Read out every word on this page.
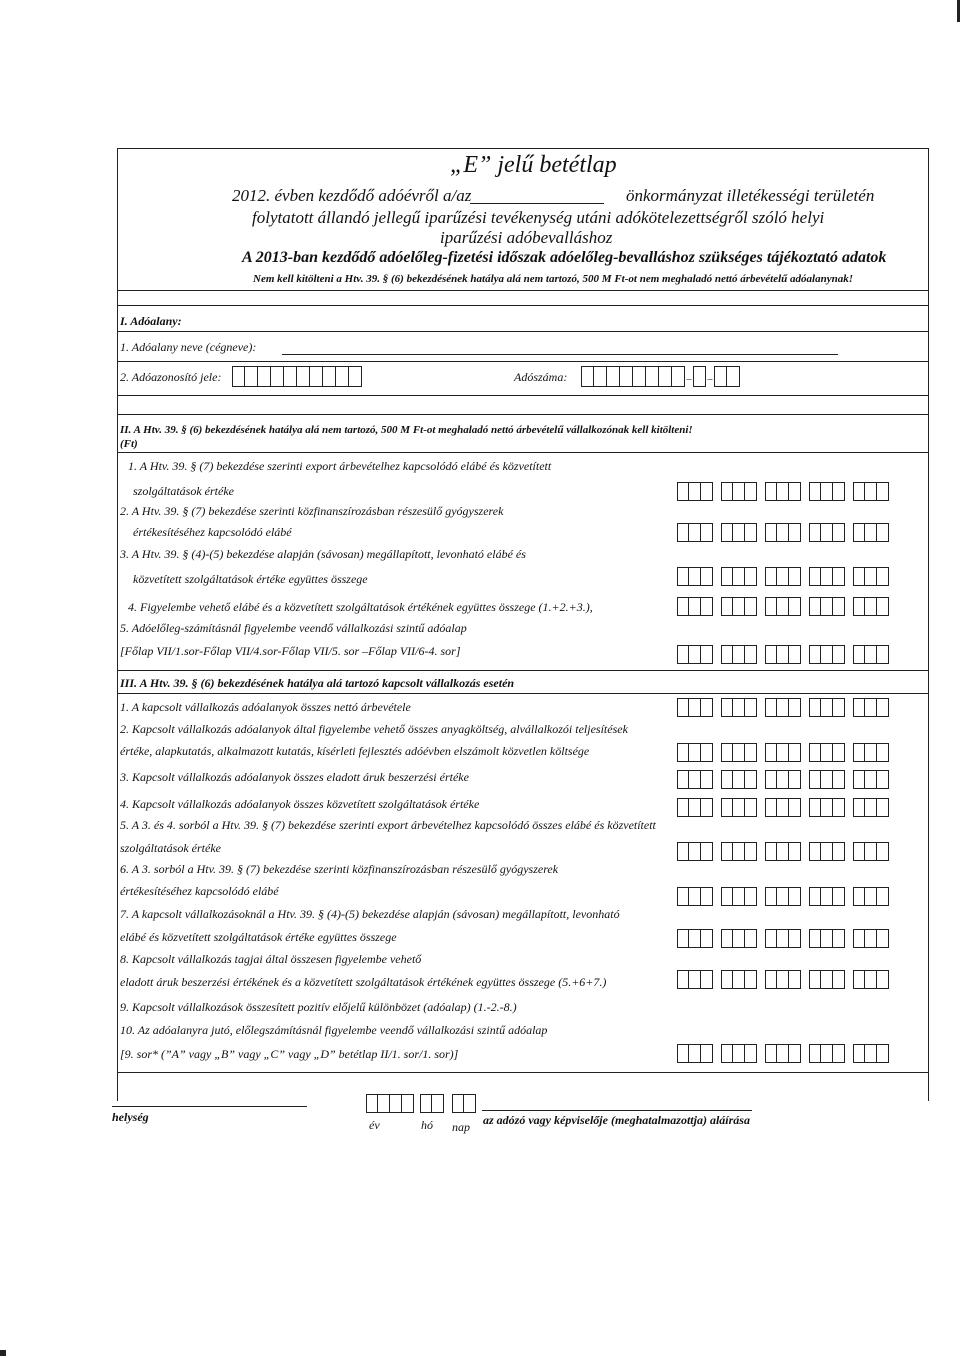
„E” jelű betétlap
2012. évben kezdődő adóévről a/az	önkormányzat illetékességi területén
folytatott állandó jellegű iparűzési tevékenység utáni adókötelezettségről szóló helyi
iparűzési adóbevalláshoz
A 2013-ban kezdődő adóelőleg-fizetési időszak adóelőleg-bevalláshoz szükséges tájékoztató adatok
Nem kell kitölteni a Htv. 39. § (6) bekezdésének hatálya alá nem tartozó, 500 M Ft-ot nem meghaladó nettó árbevételű adóalanynak!
I. Adóalany:
1. Adóalany neve (cégneve):
2. Adóazonosító jele:	Adószáma:	– –
II. A Htv. 39. § (6) bekezdésének hatálya alá nem tartozó, 500 M Ft-ot meghaladó nettó árbevételű vállalkozónak kell kitölteni!
(Ft)
1. A Htv. 39. § (7) bekezdése szerinti export árbevételhez kapcsolódó elábé és közvetített
szolgáltatások értéke
2. A Htv. 39. § (7) bekezdése szerinti közfinanszírozásban részesülő gyógyszerek
értékesítéséhez kapcsolódó elábé
3. A Htv. 39. § (4)-(5) bekezdése alapján (sávosan) megállapított, levonható elábé és
közvetített szolgáltatások értéke együttes összege
4. Figyelembe vehető elábé és a közvetített szolgáltatások értékének együttes összege (1.+2.+3.),
5. Adóelőleg-számításnál figyelembe veendő vállalkozási szintű adóalap
[Főlap VII/1.sor-Főlap VII/4.sor-Főlap VII/5. sor –Főlap VII/6-4. sor]
III. A Htv. 39. § (6) bekezdésének hatálya alá tartozó kapcsolt vállalkozás esetén
1. A kapcsolt vállalkozás adóalanyok összes nettó árbevétele
2. Kapcsolt vállalkozás adóalanyok által figyelembe vehető összes anyagköltség, alvállalkozói teljesítések
értéke, alapkutatás, alkalmazott kutatás, kísérleti fejlesztés adóévben elszámolt közvetlen költsége
3. Kapcsolt vállalkozás adóalanyok összes eladott áruk beszerzési értéke
4. Kapcsolt vállalkozás adóalanyok összes közvetített szolgáltatások értéke
5. A 3. és 4. sorból a Htv. 39. § (7) bekezdése szerinti export árbevételhez kapcsolódó összes elábé és közvetített
szolgáltatások értéke
6. A 3. sorból a Htv. 39. § (7) bekezdése szerinti közfinanszírozásban részesülő gyógyszerek
értékesítéséhez kapcsolódó elábé
7. A kapcsolt vállalkozásoknál a Htv. 39. § (4)-(5) bekezdése alapján (sávosan) megállapított, levonható
elábé és közvetített szolgáltatások értéke együttes összege
8. Kapcsolt vállalkozás tagjai által összesen figyelembe vehető
eladott áruk beszerzési értékének és a közvetített szolgáltatások értékének együttes összege (5.+6+7.)
9. Kapcsolt vállalkozások összesített pozitív előjelű különbözet (adóalap) (1.-2.-8.)
10. Az adóalanyra jutó, előlegszámításnál figyelembe veendő vállalkozási szintű adóalap
[9. sor* (”A” vagy „B” vagy „C” vagy „D” betétlap II/1. sor/1. sor)]
helység
év	hó nap az adózó vagy képviselője (meghatalmazottja) aláírása
